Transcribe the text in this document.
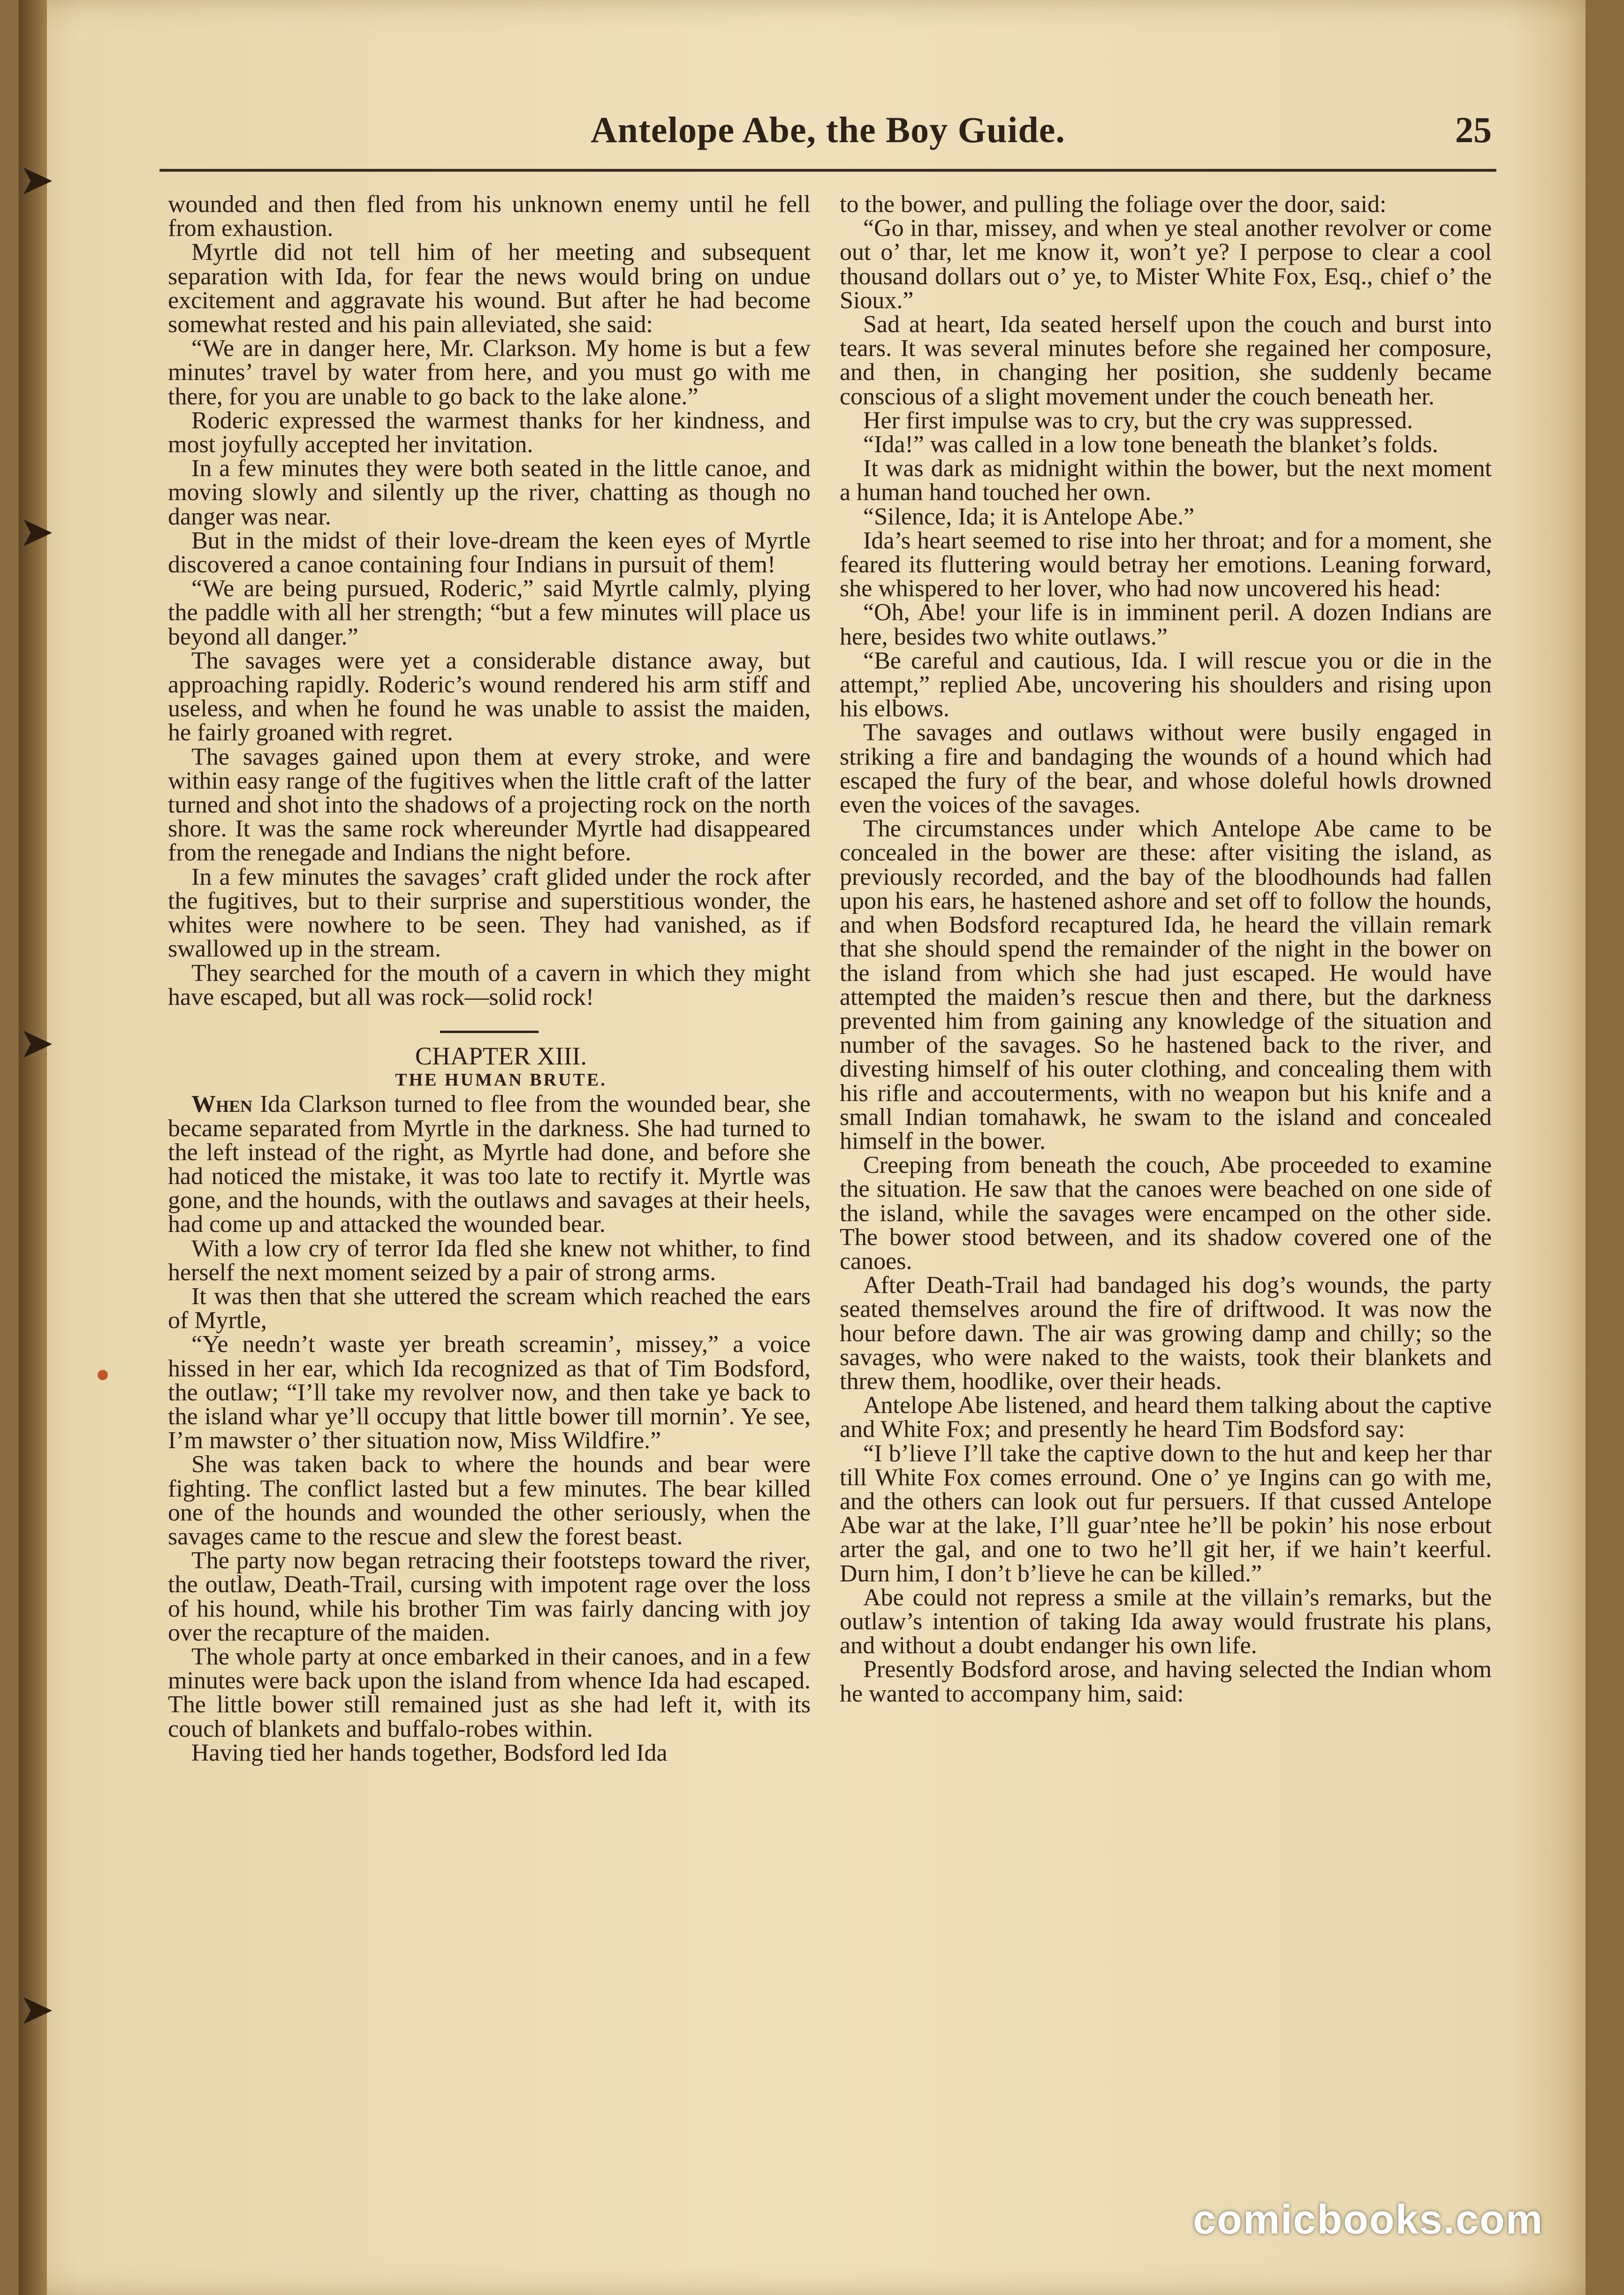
➤
➤
➤
➤
Antelope Abe, the Boy Guide.	25

wounded and then fled from his unknown enemy until he fell from exhaustion.

Myrtle did not tell him of her meeting and subsequent separation with Ida, for fear the news would bring on undue excitement and aggravate his wound. But after he had become somewhat rested and his pain alleviated, she said:

“We are in danger here, Mr. Clarkson. My home is but a few minutes’ travel by water from here, and you must go with me there, for you are unable to go back to the lake alone.”

Roderic expressed the warmest thanks for her kindness, and most joyfully accepted her invitation.

In a few minutes they were both seated in the little canoe, and moving slowly and silently up the river, chatting as though no danger was near.

But in the midst of their love-dream the keen eyes of Myrtle discovered a canoe containing four Indians in pursuit of them!

“We are being pursued, Roderic,” said Myrtle calmly, plying the paddle with all her strength; “but a few minutes will place us beyond all danger.”

The savages were yet a considerable distance away, but approaching rapidly. Roderic’s wound rendered his arm stiff and useless, and when he found he was unable to assist the maiden, he fairly groaned with regret.

The savages gained upon them at every stroke, and were within easy range of the fugitives when the little craft of the latter turned and shot into the shadows of a projecting rock on the north shore. It was the same rock whereunder Myrtle had disappeared from the renegade and Indians the night before.

In a few minutes the savages’ craft glided under the rock after the fugitives, but to their surprise and superstitious wonder, the whites were nowhere to be seen. They had vanished, as if swallowed up in the stream.

They searched for the mouth of a cavern in which they might have escaped, but all was rock—solid rock!

CHAPTER XIII.

THE HUMAN BRUTE.

When Ida Clarkson turned to flee from the wounded bear, she became separated from Myrtle in the darkness. She had turned to the left instead of the right, as Myrtle had done, and before she had noticed the mistake, it was too late to rectify it. Myrtle was gone, and the hounds, with the outlaws and savages at their heels, had come up and attacked the wounded bear.

With a low cry of terror Ida fled she knew not whither, to find herself the next moment seized by a pair of strong arms.

It was then that she uttered the scream which reached the ears of Myrtle,

“Ye needn’t waste yer breath screamin’, missey,” a voice hissed in her ear, which Ida recognized as that of Tim Bodsford, the outlaw; “I’ll take my revolver now, and then take ye back to the island whar ye’ll occupy that little bower till mornin’. Ye see, I’m mawster o’ ther situation now, Miss Wildfire.”

She was taken back to where the hounds and bear were fighting. The conflict lasted but a few minutes. The bear killed one of the hounds and wounded the other seriously, when the savages came to the rescue and slew the forest beast.

The party now began retracing their footsteps toward the river, the outlaw, Death-Trail, cursing with impotent rage over the loss of his hound, while his brother Tim was fairly dancing with joy over the recapture of the maiden.

The whole party at once embarked in their canoes, and in a few minutes were back upon the island from whence Ida had escaped. The little bower still remained just as she had left it, with its couch of blankets and buffalo-robes within.

Having tied her hands together, Bodsford led Ida

to the bower, and pulling the foliage over the door, said:

“Go in thar, missey, and when ye steal another revolver or come out o’ thar, let me know it, won’t ye? I perpose to clear a cool thousand dollars out o’ ye, to Mister White Fox, Esq., chief o’ the Sioux.”

Sad at heart, Ida seated herself upon the couch and burst into tears. It was several minutes before she regained her composure, and then, in changing her position, she suddenly became conscious of a slight movement under the couch beneath her.

Her first impulse was to cry, but the cry was suppressed.

“Ida!” was called in a low tone beneath the blanket’s folds.

It was dark as midnight within the bower, but the next moment a human hand touched her own.

“Silence, Ida; it is Antelope Abe.”

Ida’s heart seemed to rise into her throat; and for a moment, she feared its fluttering would betray her emotions. Leaning forward, she whispered to her lover, who had now uncovered his head:

“Oh, Abe! your life is in imminent peril. A dozen Indians are here, besides two white outlaws.”

“Be careful and cautious, Ida. I will rescue you or die in the attempt,” replied Abe, uncovering his shoulders and rising upon his elbows.

The savages and outlaws without were busily engaged in striking a fire and bandaging the wounds of a hound which had escaped the fury of the bear, and whose doleful howls drowned even the voices of the savages.

The circumstances under which Antelope Abe came to be concealed in the bower are these: after visiting the island, as previously recorded, and the bay of the bloodhounds had fallen upon his ears, he hastened ashore and set off to follow the hounds, and when Bodsford recaptured Ida, he heard the villain remark that she should spend the remainder of the night in the bower on the island from which she had just escaped. He would have attempted the maiden’s rescue then and there, but the darkness prevented him from gaining any knowledge of the situation and number of the savages. So he hastened back to the river, and divesting himself of his outer clothing, and concealing them with his rifle and accouterments, with no weapon but his knife and a small Indian tomahawk, he swam to the island and concealed himself in the bower.

Creeping from beneath the couch, Abe proceeded to examine the situation. He saw that the canoes were beached on one side of the island, while the savages were encamped on the other side. The bower stood between, and its shadow covered one of the canoes.

After Death-Trail had bandaged his dog’s wounds, the party seated themselves around the fire of driftwood. It was now the hour before dawn. The air was growing damp and chilly; so the savages, who were naked to the waists, took their blankets and threw them, hoodlike, over their heads.

Antelope Abe listened, and heard them talking about the captive and White Fox; and presently he heard Tim Bodsford say:

“I b’lieve I’ll take the captive down to the hut and keep her thar till White Fox comes erround. One o’ ye Ingins can go with me, and the others can look out fur persuers. If that cussed Antelope Abe war at the lake, I’ll guar’ntee he’ll be pokin’ his nose erbout arter the gal, and one to two he’ll git her, if we hain’t keerful. Durn him, I don’t b’lieve he can be killed.”

Abe could not repress a smile at the villain’s remarks, but the outlaw’s intention of taking Ida away would frustrate his plans, and without a doubt endanger his own life.

Presently Bodsford arose, and having selected the Indian whom he wanted to accompany him, said:

comicbooks.com
